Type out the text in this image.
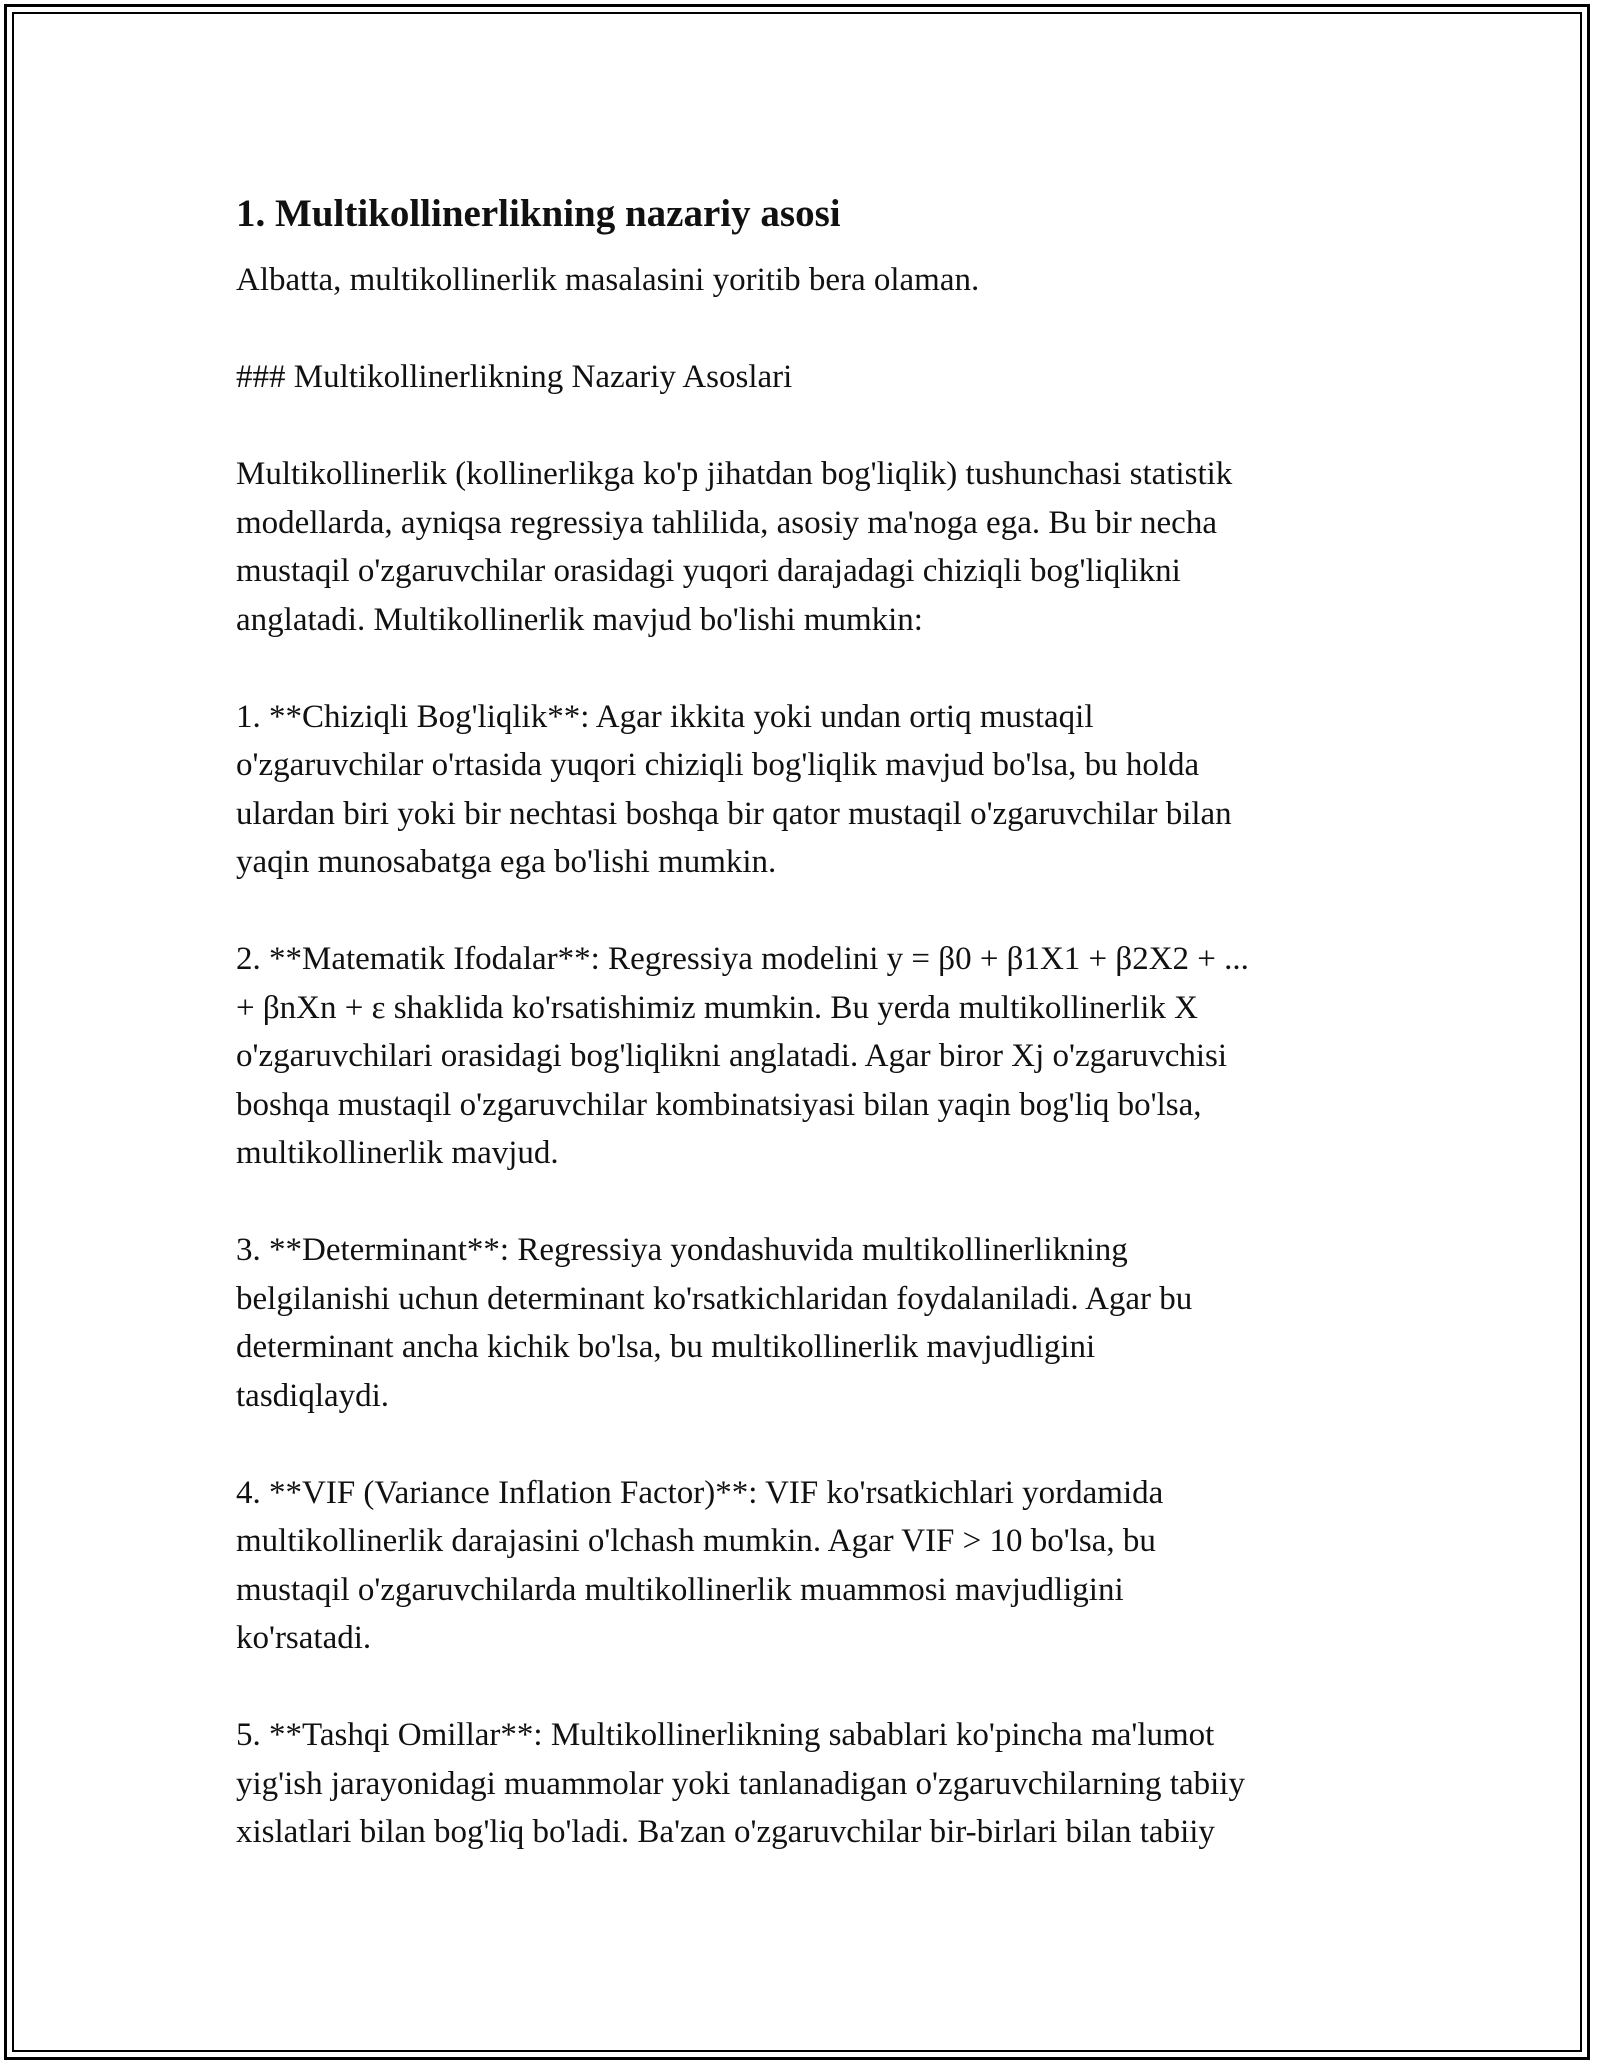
1. Multikollinerlikning nazariy asosi

Albatta, multikollinerlik masalasini yoritib bera olaman.

### Multikollinerlikning Nazariy Asoslari

Multikollinerlik (kollinerlikga ko'p jihatdan bog'liqlik) tushunchasi statistik
modellarda, ayniqsa regressiya tahlilida, asosiy ma'noga ega. Bu bir necha
mustaqil o'zgaruvchilar orasidagi yuqori darajadagi chiziqli bog'liqlikni
anglatadi. Multikollinerlik mavjud bo'lishi mumkin:

1. **Chiziqli Bog'liqlik**: Agar ikkita yoki undan ortiq mustaqil
o'zgaruvchilar o'rtasida yuqori chiziqli bog'liqlik mavjud bo'lsa, bu holda
ulardan biri yoki bir nechtasi boshqa bir qator mustaqil o'zgaruvchilar bilan
yaqin munosabatga ega bo'lishi mumkin.

2. **Matematik Ifodalar**: Regressiya modelini y = β0 + β1X1 + β2X2 + ...
+ βnXn + ε shaklida ko'rsatishimiz mumkin. Bu yerda multikollinerlik X
o'zgaruvchilari orasidagi bog'liqlikni anglatadi. Agar biror Xj o'zgaruvchisi
boshqa mustaqil o'zgaruvchilar kombinatsiyasi bilan yaqin bog'liq bo'lsa,
multikollinerlik mavjud.

3. **Determinant**: Regressiya yondashuvida multikollinerlikning
belgilanishi uchun determinant ko'rsatkichlaridan foydalaniladi. Agar bu
determinant ancha kichik bo'lsa, bu multikollinerlik mavjudligini
tasdiqlaydi.

4. **VIF (Variance Inflation Factor)**: VIF ko'rsatkichlari yordamida
multikollinerlik darajasini o'lchash mumkin. Agar VIF > 10 bo'lsa, bu
mustaqil o'zgaruvchilarda multikollinerlik muammosi mavjudligini
ko'rsatadi.

5. **Tashqi Omillar**: Multikollinerlikning sabablari ko'pincha ma'lumot
yig'ish jarayonidagi muammolar yoki tanlanadigan o'zgaruvchilarning tabiiy
xislatlari bilan bog'liq bo'ladi. Ba'zan o'zgaruvchilar bir-birlari bilan tabiiy
